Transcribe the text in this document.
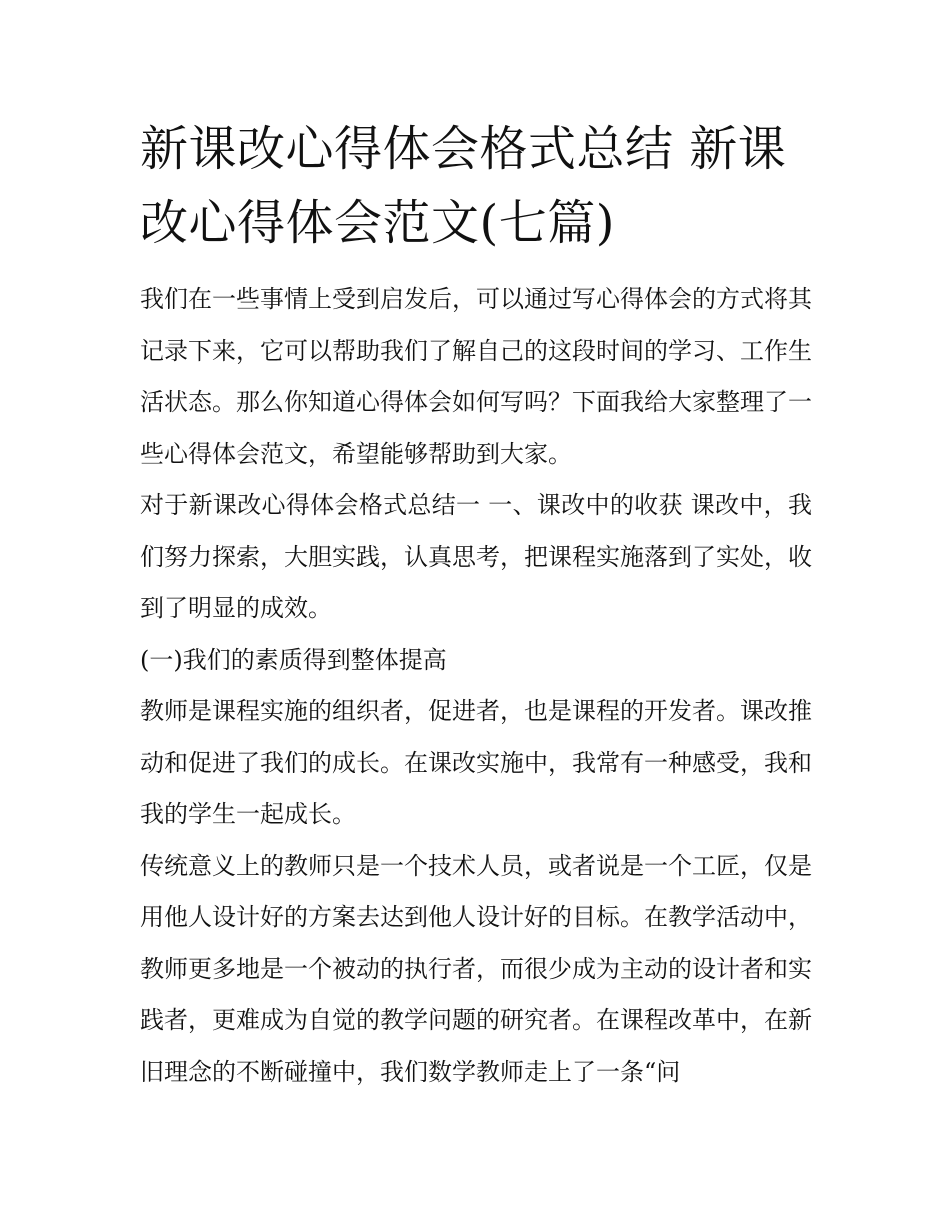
新课改心得体会格式总结 新课改心得体会范文(七篇)

我们在一些事情上受到启发后，可以通过写心得体会的方式将其记录下来，它可以帮助我们了解自己的这段时间的学习、工作生活状态。那么你知道心得体会如何写吗？下面我给大家整理了一些心得体会范文，希望能够帮助到大家。

对于新课改心得体会格式总结一 一、课改中的收获 课改中，我们努力探索，大胆实践，认真思考，把课程实施落到了实处，收到了明显的成效。

(一)我们的素质得到整体提高

教师是课程实施的组织者，促进者，也是课程的开发者。课改推动和促进了我们的成长。在课改实施中，我常有一种感受，我和我的学生一起成长。

传统意义上的教师只是一个技术人员，或者说是一个工匠，仅是用他人设计好的方案去达到他人设计好的目标。在教学活动中，教师更多地是一个被动的执行者，而很少成为主动的设计者和实践者，更难成为自觉的教学问题的研究者。在课程改革中，在新旧理念的不断碰撞中，我们数学教师走上了一条“问
